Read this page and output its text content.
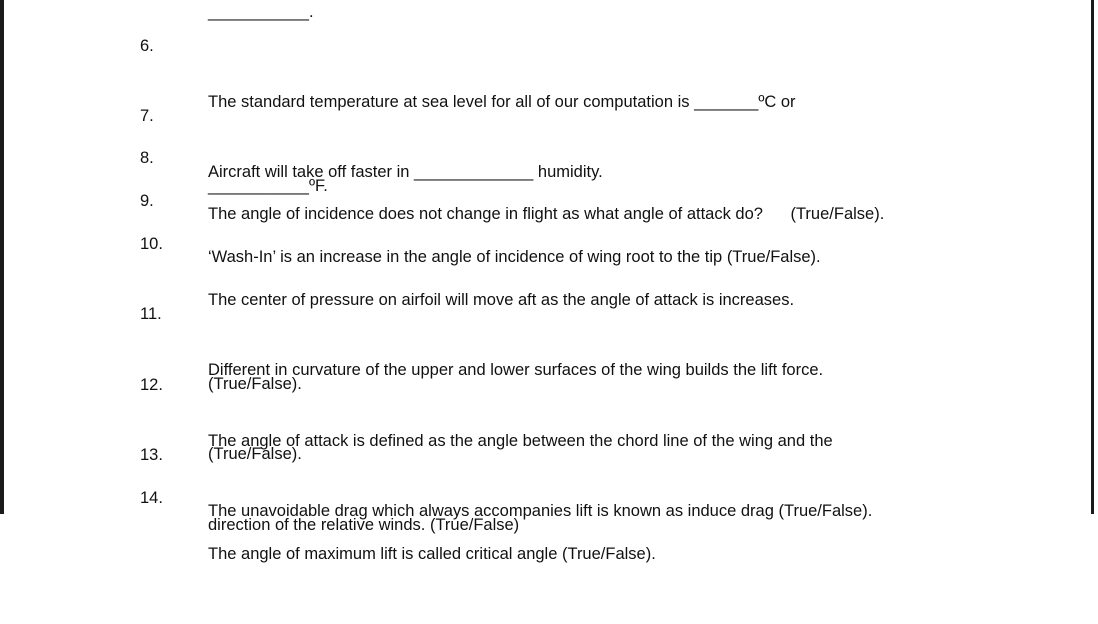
___________.
6.

The standard temperature at sea level for all of our computation is _______ºC or

___________ºF.

7.

Aircraft will take off faster in _____________ humidity.

8.

The angle of incidence does not change in flight as what angle of attack do?      (True/False).

9.

‘Wash-In’ is an increase in the angle of incidence of wing root to the tip (True/False).

10.

The center of pressure on airfoil will move aft as the angle of attack is increases.

(True/False).

11.

Different in curvature of the upper and lower surfaces of the wing builds the lift force.

(True/False).

12.

The angle of attack is defined as the angle between the chord line of the wing and the

direction of the relative winds. (True/False)

13.

The unavoidable drag which always accompanies lift is known as induce drag (True/False).

14.

The angle of maximum lift is called critical angle (True/False).
